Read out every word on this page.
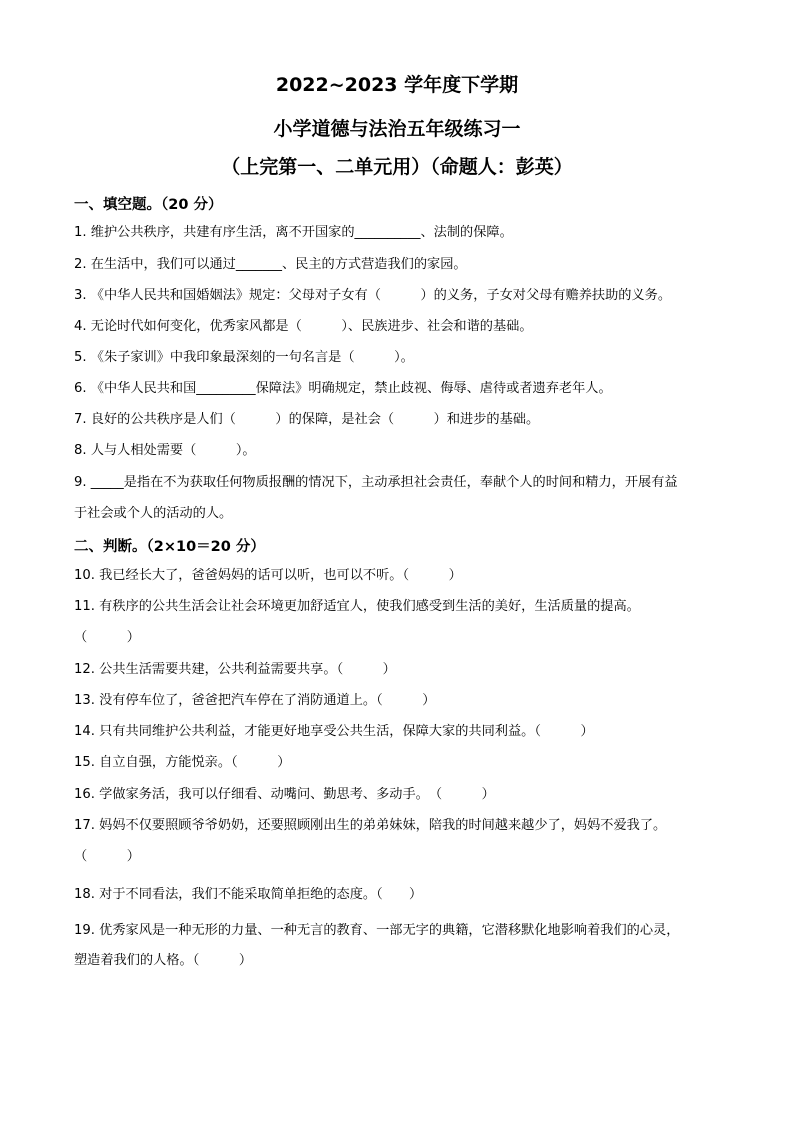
2022~2023 学年度下学期
小学道德与法治五年级练习一
（上完第一、二单元用）（命题人：彭英）
一、填空题。（20 分）
1. 维护公共秩序，共建有序生活，离不开国家的__________、法制的保障。
2. 在生活中，我们可以通过_______、民主的方式营造我们的家园。
3. 《中华人民共和国婚姻法》规定：父母对子女有（　　　）的义务，子女对父母有赡养扶助的义务。
4. 无论时代如何变化，优秀家风都是（　　　）、民族进步、社会和谐的基础。
5. 《朱子家训》中我印象最深刻的一句名言是（　　　）。
6. 《中华人民共和国_________保障法》明确规定，禁止歧视、侮辱、虐待或者遗弃老年人。
7. 良好的公共秩序是人们（　　　）的保障，是社会（　　　）和进步的基础。
8. 人与人相处需要（　　　）。
9. _____是指在不为获取任何物质报酬的情况下，主动承担社会责任，奉献个人的时间和精力，开展有益
于社会或个人的活动的人。
二、判断。（2×10＝20 分）
10. 我已经长大了，爸爸妈妈的话可以听，也可以不听。（　　　）
11. 有秩序的公共生活会让社会环境更加舒适宜人，使我们感受到生活的美好，生活质量的提高。
（　　　）
12. 公共生活需要共建，公共利益需要共享。（　　　）
13. 没有停车位了，爸爸把汽车停在了消防通道上。（　　　）
14. 只有共同维护公共利益，才能更好地享受公共生活，保障大家的共同利益。（　　　）
15. 自立自强，方能悦亲。（　　　）
16. 学做家务活，我可以仔细看、动嘴问、勤思考、多动手。　（　　　）
17. 妈妈不仅要照顾爷爷奶奶，还要照顾刚出生的弟弟妹妹，陪我的时间越来越少了，妈妈不爱我了。
（　　　）
18. 对于不同看法，我们不能采取简单拒绝的态度。（　　）
19. 优秀家风是一种无形的力量、一种无言的教育、一部无字的典籍，它潜移默化地影响着我们的心灵，
塑造着我们的人格。（　　　）
